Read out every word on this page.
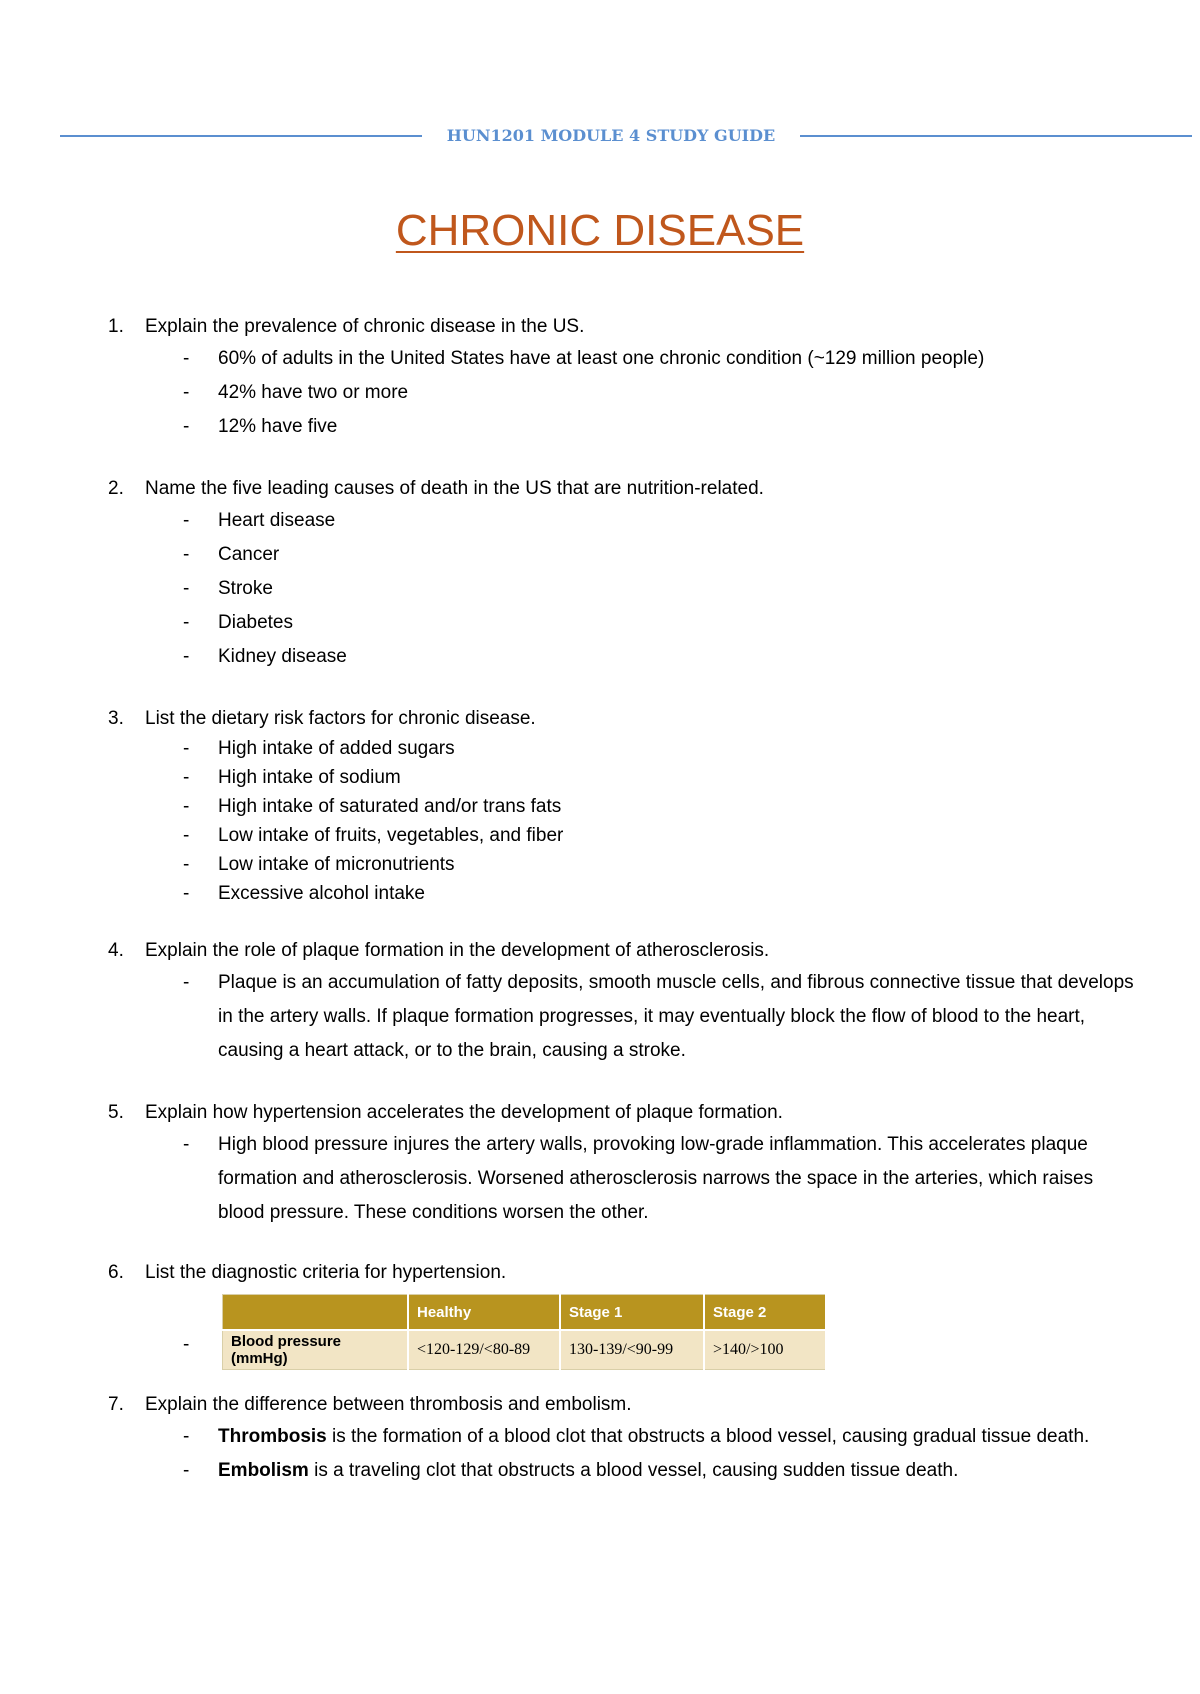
HUN1201 MODULE 4 STUDY GUIDE
CHRONIC DISEASE
1.	Explain the prevalence of chronic disease in the US.
- 60% of adults in the United States have at least one chronic condition (~129 million people)
- 42% have two or more
- 12% have five
2.	Name the five leading causes of death in the US that are nutrition-related.
- Heart disease
- Cancer
- Stroke
- Diabetes
- Kidney disease
3.	List the dietary risk factors for chronic disease.
- High intake of added sugars
- High intake of sodium
- High intake of saturated and/or trans fats
- Low intake of fruits, vegetables, and fiber
- Low intake of micronutrients
- Excessive alcohol intake
4.	Explain the role of plaque formation in the development of atherosclerosis.
- Plaque is an accumulation of fatty deposits, smooth muscle cells, and fibrous connective tissue that develops in the artery walls. If plaque formation progresses, it may eventually block the flow of blood to the heart, causing a heart attack, or to the brain, causing a stroke.
5.	Explain how hypertension accelerates the development of plaque formation.
- High blood pressure injures the artery walls, provoking low-grade inflammation. This accelerates plaque formation and atherosclerosis. Worsened atherosclerosis narrows the space in the arteries, which raises blood pressure. These conditions worsen the other.
6.	List the diagnostic criteria for hypertension.
-
	Healthy	Stage 1	Stage 2
Blood pressure (mmHg)	<120-129/<80-89	130-139/<90-99	>140/>100
7.	Explain the difference between thrombosis and embolism.
- Thrombosis is the formation of a blood clot that obstructs a blood vessel, causing gradual tissue death.
- Embolism is a traveling clot that obstructs a blood vessel, causing sudden tissue death.
